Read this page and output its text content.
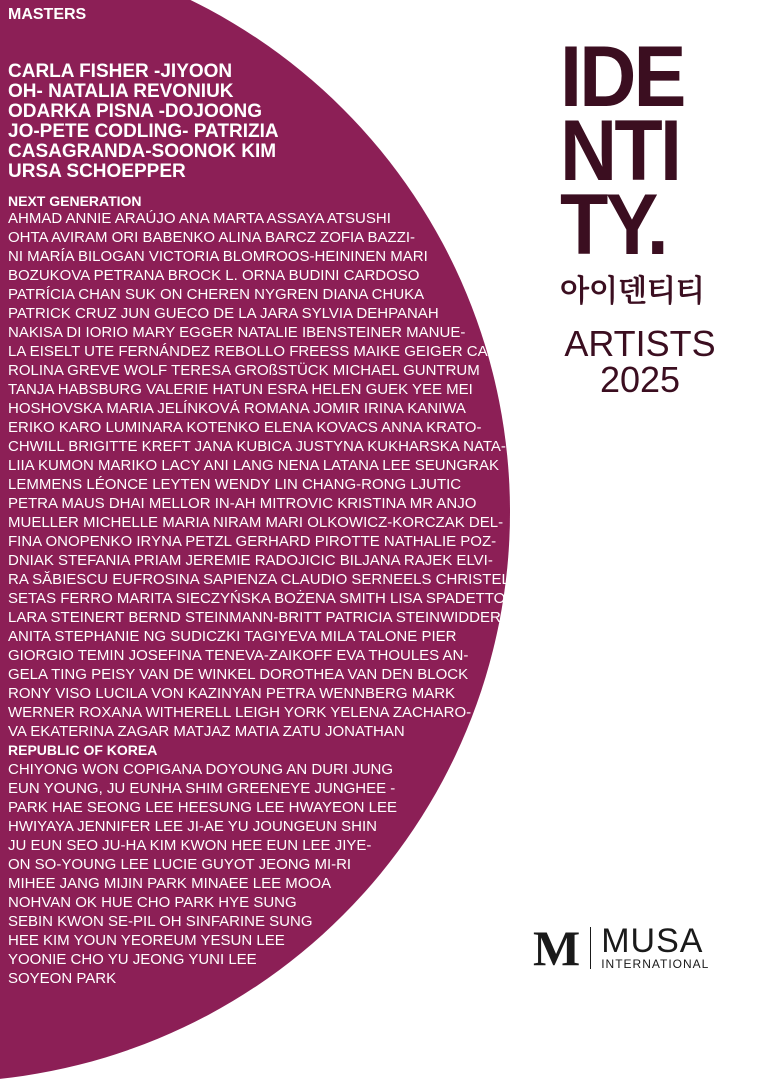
MASTERS
CARLA FISHER -JIYOON
OH- NATALIA REVONIUK
ODARKA PISNA -DOJOONG
JO-PETE CODLING- PATRIZIA
CASAGRANDA-SOONOK KIM
URSA SCHOEPPER
NEXT GENERATION
AHMAD ANNIE ARAÚJO ANA MARTA ASSAYA ATSUSHI
OHTA AVIRAM ORI BABENKO ALINA BARCZ ZOFIA BAZZI-
NI MARÍA BILOGAN VICTORIA BLOMROOS-HEININEN MARI
BOZUKOVA PETRANA BROCK L. ORNA BUDINI CARDOSO
PATRÍCIA CHAN SUK ON CHEREN NYGREN DIANA CHUKA
PATRICK CRUZ JUN GUECO DE LA JARA SYLVIA DEHPANAH
NAKISA DI IORIO MARY EGGER NATALIE IBENSTEINER MANUE-
LA EISELT UTE FERNÁNDEZ REBOLLO FREESS MAIKE GEIGER CA-
ROLINA GREVE WOLF TERESA GROßSTÜCK MICHAEL GUNTRUM
TANJA HABSBURG VALERIE HATUN ESRA HELEN GUEK YEE MEI
HOSHOVSKA MARIA JELÍNKOVÁ ROMANA JOMIR IRINA KANIWA
ERIKO KARO LUMINARA KOTENKO ELENA KOVACS ANNA KRATO-
CHWILL BRIGITTE KREFT JANA KUBICA JUSTYNA KUKHARSKA NATA-
LIIA KUMON MARIKO LACY ANI LANG NENA LATANA LEE SEUNGRAK
LEMMENS LÉONCE LEYTEN WENDY LIN CHANG-RONG LJUTIC
PETRA MAUS DHAI MELLOR IN-AH MITROVIC KRISTINA MR ANJO
MUELLER MICHELLE MARIA NIRAM MARI OLKOWICZ-KORCZAK DEL-
FINA ONOPENKO IRYNA PETZL GERHARD PIROTTE NATHALIE POZ-
DNIAK STEFANIA PRIAM JEREMIE RADOJICIC BILJANA RAJEK ELVI-
RA SĂBIESCU EUFROSINA SAPIENZA CLAUDIO SERNEELS CHRISTEL
SETAS FERRO MARITA SIECZYŃSKA BOŻENA SMITH LISA SPADETTO
LARA STEINERT BERND STEINMANN-BRITT PATRICIA STEINWIDDER
ANITA STEPHANIE NG SUDICZKI TAGIYEVA MILA TALONE PIER
GIORGIO TEMIN JOSEFINA TENEVA-ZAIKOFF EVA THOULES AN-
GELA TING PEISY VAN DE WINKEL DOROTHEA VAN DEN BLOCK
RONY VISO LUCILA VON KAZINYAN PETRA WENNBERG MARK
WERNER ROXANA WITHERELL LEIGH YORK YELENA ZACHARO-
VA EKATERINA ZAGAR MATJAZ MATIA ZATU JONATHAN
REPUBLIC OF KOREA
CHIYONG WON COPIGANA DOYOUNG AN DURI JUNG
EUN YOUNG, JU EUNHA SHIM GREENEYE JUNGHEE -
PARK HAE SEONG LEE HEESUNG LEE HWAYEON LEE
HWIYAYA JENNIFER LEE JI-AE YU JOUNGEUN SHIN
JU EUN SEO JU-HA KIM KWON HEE EUN LEE JIYE-
ON SO-YOUNG LEE LUCIE GUYOT JEONG MI-RI
MIHEE JANG MIJIN PARK MINAEE LEE MOOA
NOHVAN OK HUE CHO PARK HYE SUNG
SEBIN KWON SE-PIL OH SINFARINE SUNG
HEE KIM YOUN YEOREUM YESUN LEE
YOONIE CHO YU JEONG YUNI LEE
SOYEON PARK
IDE
NTI
TY.
아이덴티티
ARTISTS
2025
M MUSA
INTERNATIONAL
